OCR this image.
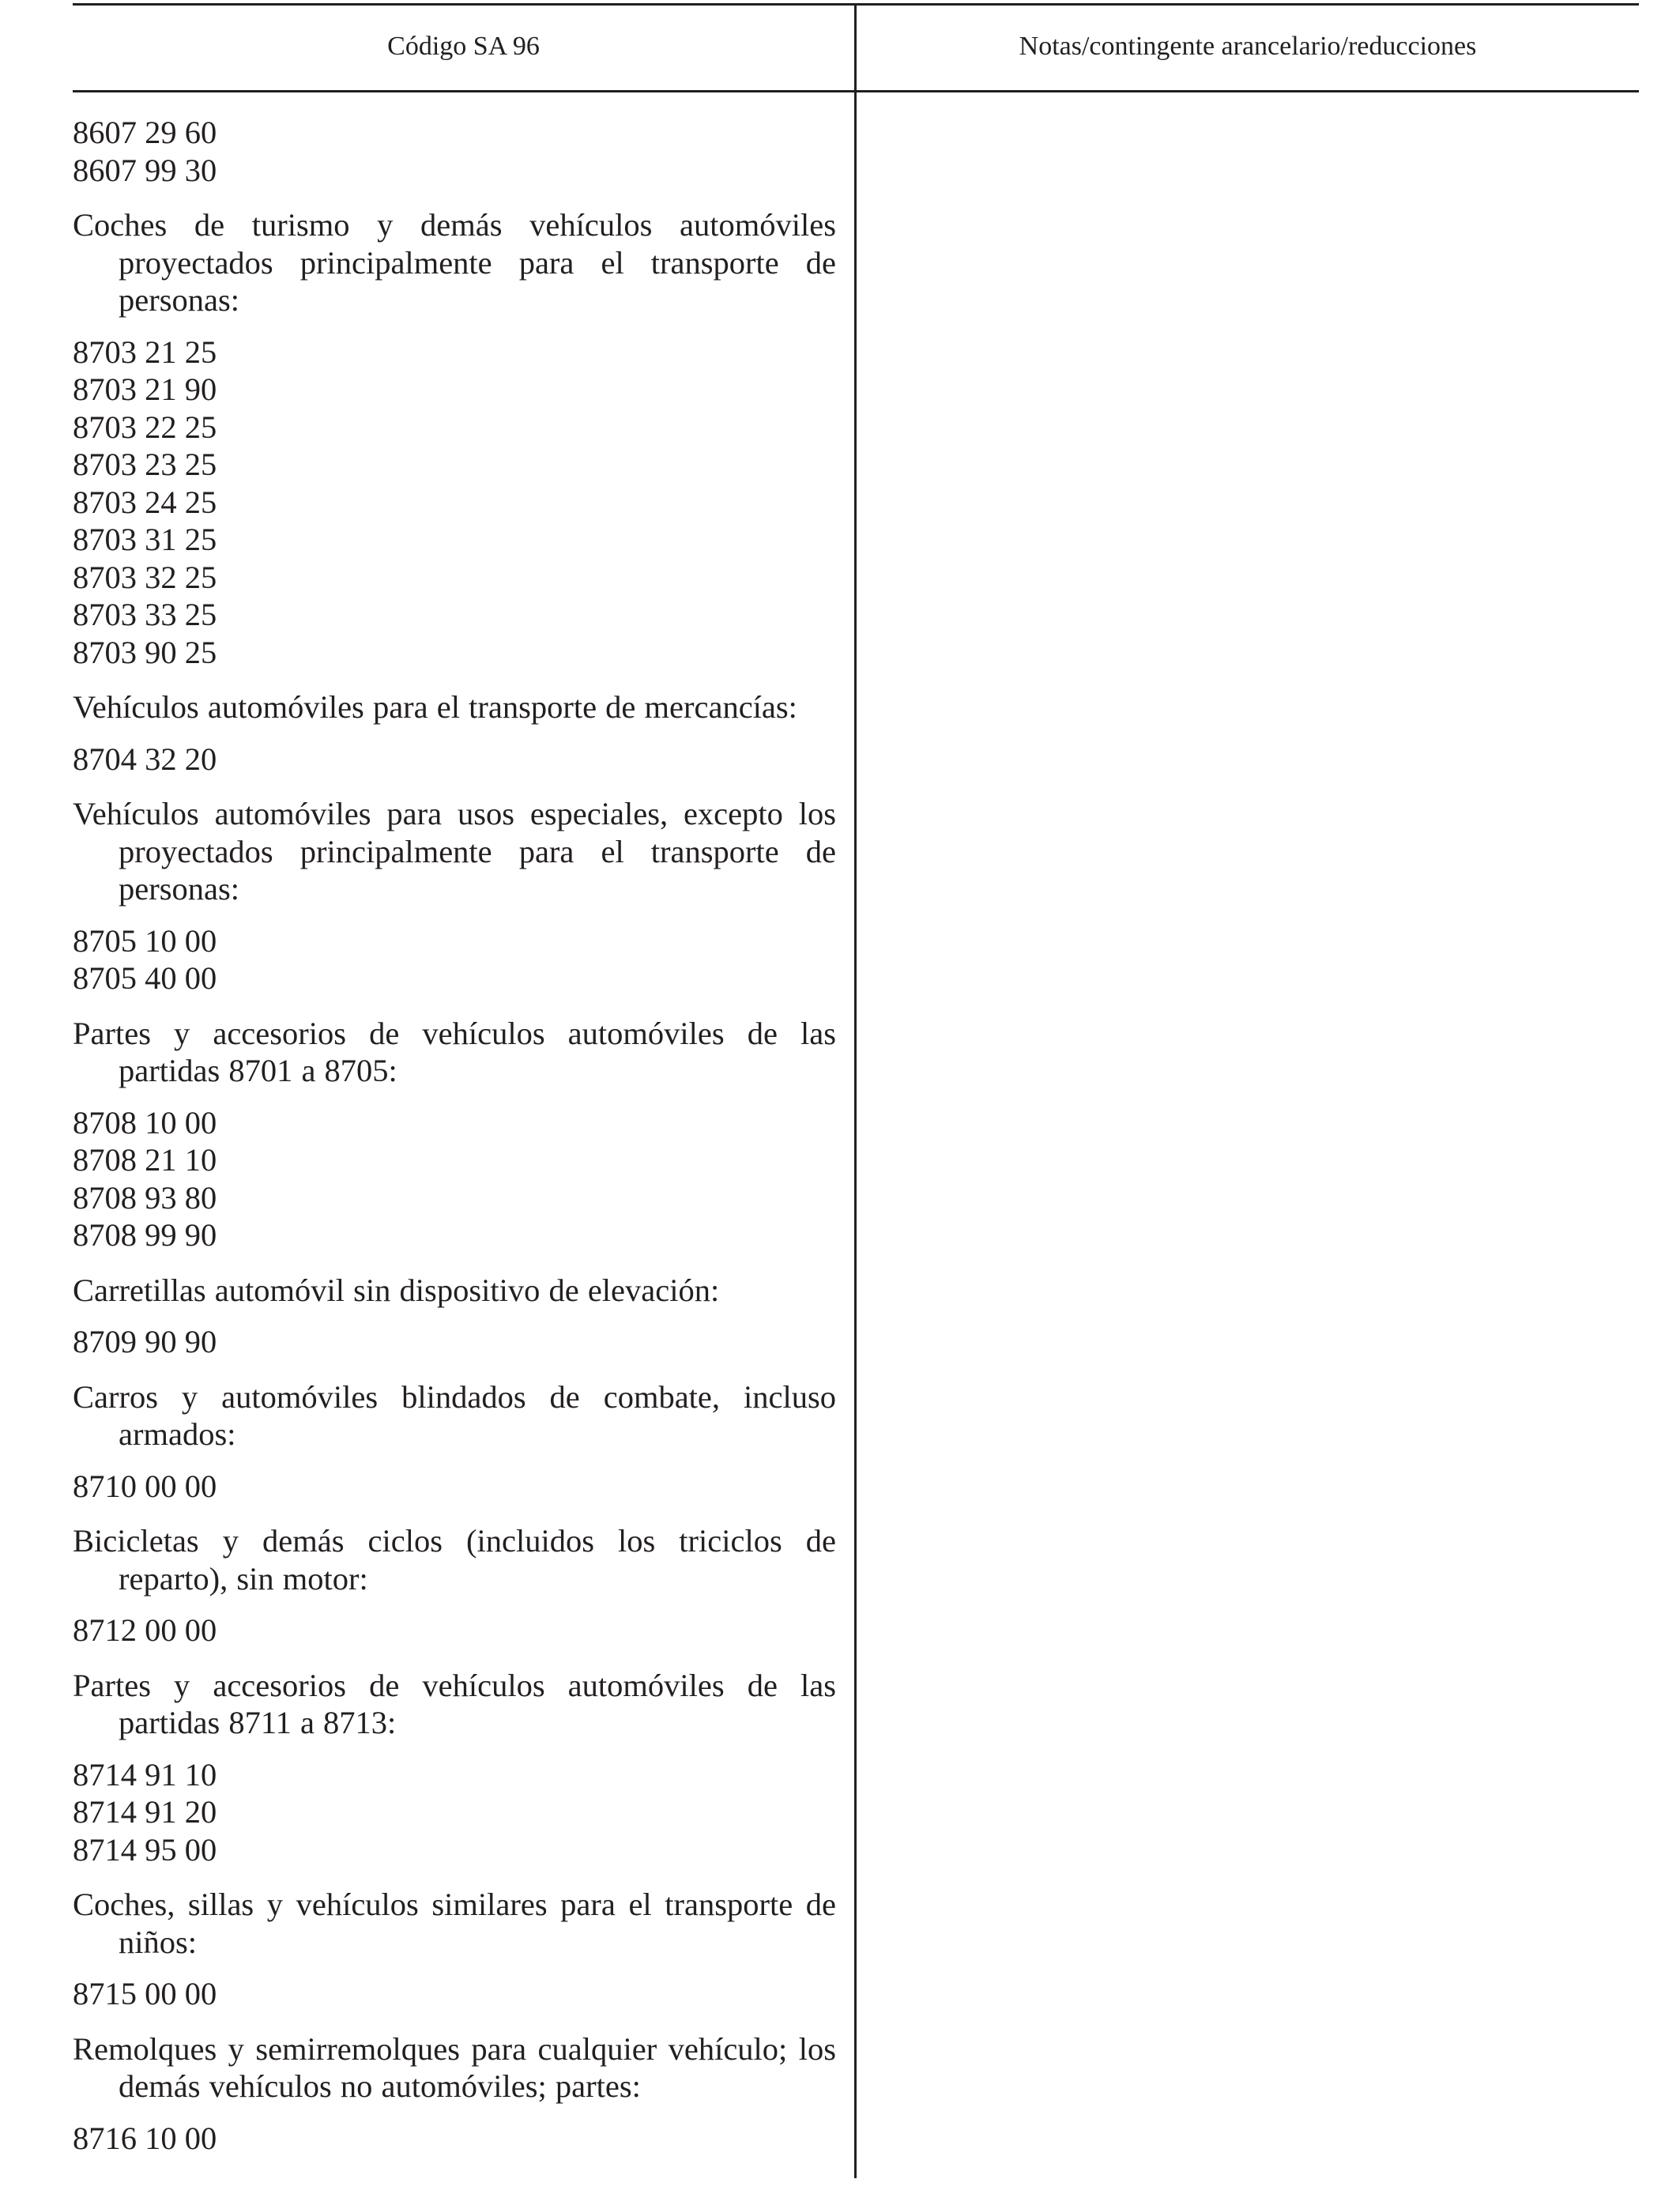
Código SA 96	Notas/contingente arancelario/reducciones
8607 29 60
8607 99 30
Coches de turismo y demás vehículos automóviles proyectados principalmente para el transporte de personas:
8703 21 25
8703 21 90
8703 22 25
8703 23 25
8703 24 25
8703 31 25
8703 32 25
8703 33 25
8703 90 25
Vehículos automóviles para el transporte de mercancías:
8704 32 20
Vehículos automóviles para usos especiales, excepto los proyectados principalmente para el transporte de personas:
8705 10 00
8705 40 00
Partes y accesorios de vehículos automóviles de las partidas 8701 a 8705:
8708 10 00
8708 21 10
8708 93 80
8708 99 90
Carretillas automóvil sin dispositivo de elevación:
8709 90 90
Carros y automóviles blindados de combate, incluso armados:
8710 00 00
Bicicletas y demás ciclos (incluidos los triciclos de reparto), sin motor:
8712 00 00
Partes y accesorios de vehículos automóviles de las partidas 8711 a 8713:
8714 91 10
8714 91 20
8714 95 00
Coches, sillas y vehículos similares para el transporte de niños:
8715 00 00
Remolques y semirremolques para cualquier vehículo; los demás vehículos no automóviles; partes:
8716 10 00
